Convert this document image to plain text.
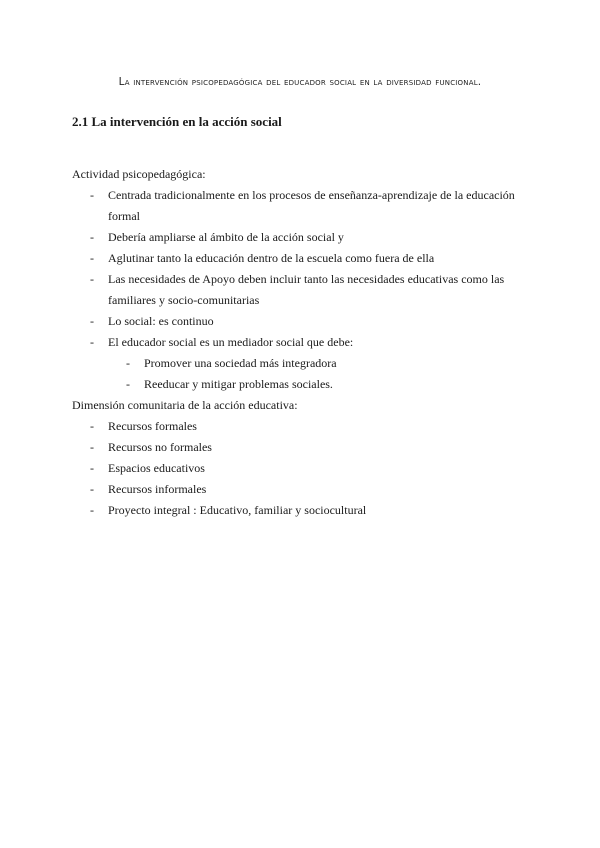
La intervención psicopedagógica del educador social en la diversidad funcional.
2.1 La intervención en la acción social

Actividad psicopedagógica:

- Centrada tradicionalmente en los procesos de enseñanza-aprendizaje de la educación formal
- Debería ampliarse al ámbito de la acción social y
- Aglutinar tanto la educación dentro de la escuela como fuera de ella
- Las necesidades de Apoyo deben incluir tanto las necesidades educativas como las familiares y socio-comunitarias
- Lo social: es continuo
- El educador social es un mediador social que debe:
- Promover una sociedad más integradora
- Reeducar y mitigar problemas sociales.

Dimensión comunitaria de la acción educativa:

- Recursos formales
- Recursos no formales
- Espacios educativos
- Recursos informales
- Proyecto integral : Educativo, familiar y sociocultural
